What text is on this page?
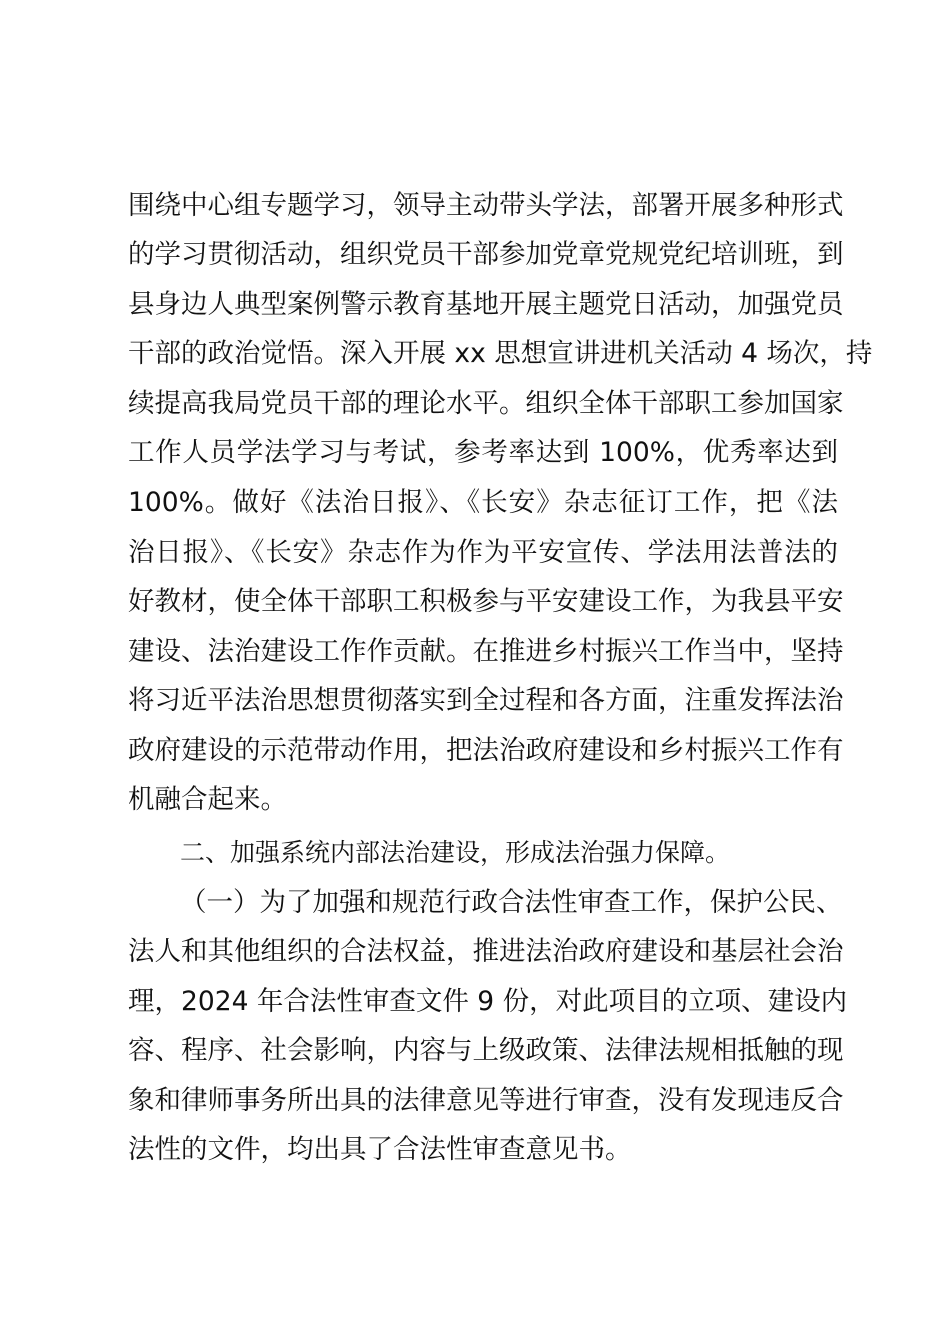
围绕中心组专题学习，领导主动带头学法，部署开展多种形式
的学习贯彻活动，组织党员干部参加党章党规党纪培训班，到
县身边人典型案例警示教育基地开展主题党日活动，加强党员
干部的政治觉悟。深入开展 xx 思想宣讲进机关活动 4 场次，持
续提高我局党员干部的理论水平。组织全体干部职工参加国家
工作人员学法学习与考试，参考率达到 100%，优秀率达到
100%。做好《法治日报》、《长安》杂志征订工作，把《法
治日报》、《长安》杂志作为作为平安宣传、学法用法普法的
好教材，使全体干部职工积极参与平安建设工作，为我县平安
建设、法治建设工作作贡献。在推进乡村振兴工作当中，坚持
将习近平法治思想贯彻落实到全过程和各方面，注重发挥法治
政府建设的示范带动作用，把法治政府建设和乡村振兴工作有
机融合起来。
二、加强系统内部法治建设，形成法治强力保障。
（一）为了加强和规范行政合法性审查工作，保护公民、
法人和其他组织的合法权益，推进法治政府建设和基层社会治
理，2024 年合法性审查文件 9 份，对此项目的立项、建设内
容、程序、社会影响，内容与上级政策、法律法规相抵触的现
象和律师事务所出具的法律意见等进行审查，没有发现违反合
法性的文件，均出具了合法性审查意见书。
